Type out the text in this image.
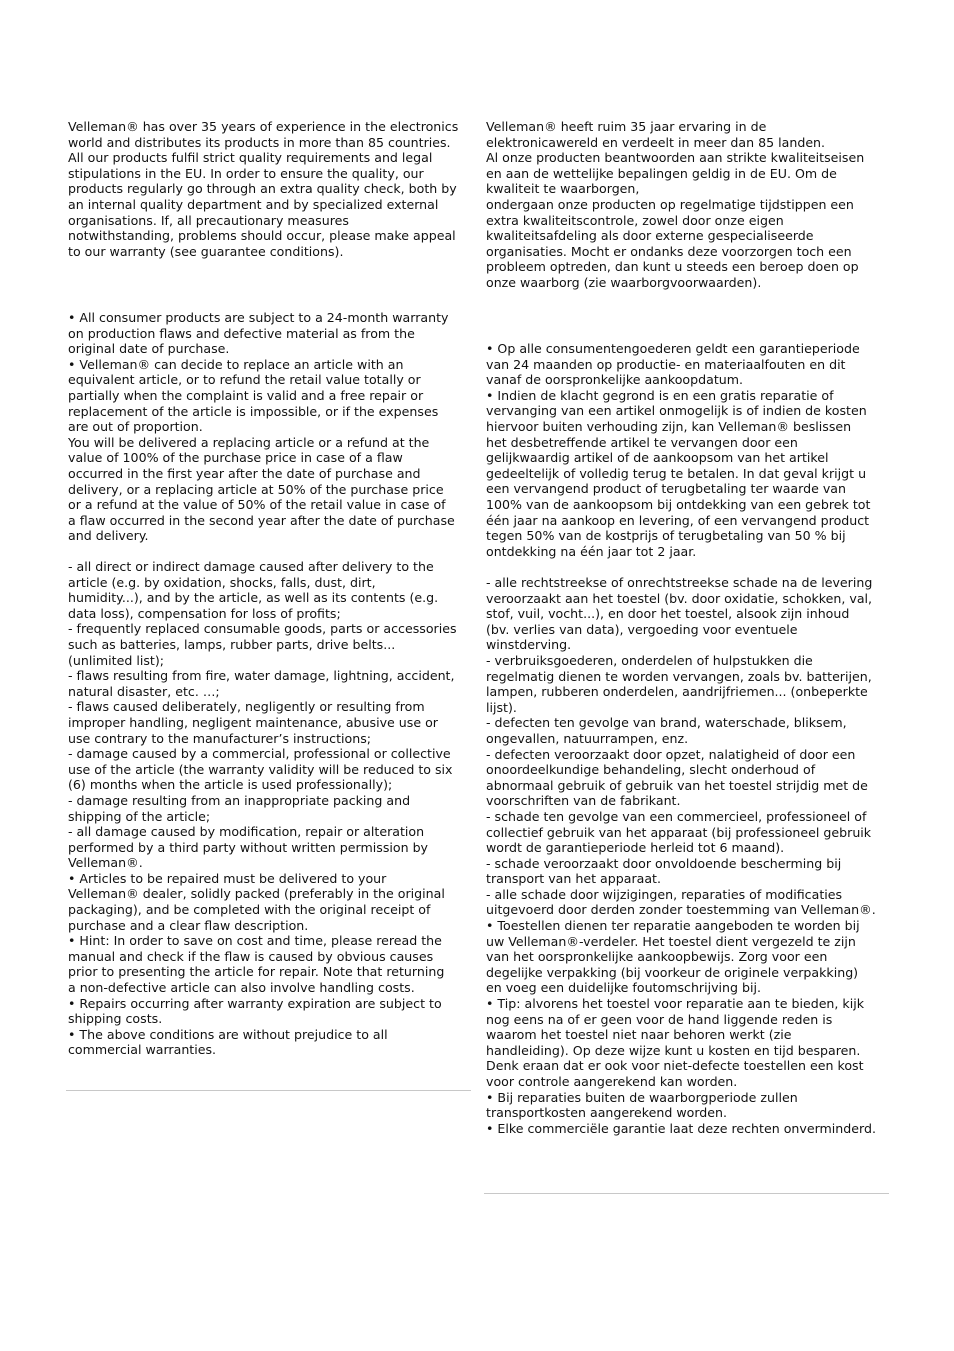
Velleman® has over 35 years of experience in the electronics

world and distributes its products in more than 85 countries.

All our products fulfil strict quality requirements and legal

stipulations in the EU. In order to ensure the quality, our

products regularly go through an extra quality check, both by

an internal quality department and by specialized external

organisations. If, all precautionary measures

notwithstanding, problems should occur, please make appeal

to our warranty (see guarantee conditions).

• All consumer products are subject to a 24-month warranty

on production flaws and defective material as from the

original date of purchase.

• Velleman® can decide to replace an article with an

equivalent article, or to refund the retail value totally or

partially when the complaint is valid and a free repair or

replacement of the article is impossible, or if the expenses

are out of proportion.

You will be delivered a replacing article or a refund at the

value of 100% of the purchase price in case of a flaw

occurred in the first year after the date of purchase and

delivery, or a replacing article at 50% of the purchase price

or a refund at the value of 50% of the retail value in case of

a flaw occurred in the second year after the date of purchase

and delivery.

- all direct or indirect damage caused after delivery to the

article (e.g. by oxidation, shocks, falls, dust, dirt,

humidity...), and by the article, as well as its contents (e.g.

data loss), compensation for loss of profits;

- frequently replaced consumable goods, parts or accessories

such as batteries, lamps, rubber parts, drive belts...

(unlimited list);

- flaws resulting from fire, water damage, lightning, accident,

natural disaster, etc. …;

- flaws caused deliberately, negligently or resulting from

improper handling, negligent maintenance, abusive use or

use contrary to the manufacturer’s instructions;

- damage caused by a commercial, professional or collective

use of the article (the warranty validity will be reduced to six

(6) months when the article is used professionally);

- damage resulting from an inappropriate packing and

shipping of the article;

- all damage caused by modification, repair or alteration

performed by a third party without written permission by

Velleman®.

• Articles to be repaired must be delivered to your

Velleman® dealer, solidly packed (preferably in the original

packaging), and be completed with the original receipt of

purchase and a clear flaw description.

• Hint: In order to save on cost and time, please reread the

manual and check if the flaw is caused by obvious causes

prior to presenting the article for repair. Note that returning

a non-defective article can also involve handling costs.

• Repairs occurring after warranty expiration are subject to

shipping costs.

• The above conditions are without prejudice to all

commercial warranties.

Velleman® heeft ruim 35 jaar ervaring in de

elektronicawereld en verdeelt in meer dan 85 landen.

Al onze producten beantwoorden aan strikte kwaliteitseisen

en aan de wettelijke bepalingen geldig in de EU. Om de

kwaliteit te waarborgen,

ondergaan onze producten op regelmatige tijdstippen een

extra kwaliteitscontrole, zowel door onze eigen

kwaliteitsafdeling als door externe gespecialiseerde

organisaties. Mocht er ondanks deze voorzorgen toch een

probleem optreden, dan kunt u steeds een beroep doen op

onze waarborg (zie waarborgvoorwaarden).

• Op alle consumentengoederen geldt een garantieperiode

van 24 maanden op productie- en materiaalfouten en dit

vanaf de oorspronkelijke aankoopdatum.

• Indien de klacht gegrond is en een gratis reparatie of

vervanging van een artikel onmogelijk is of indien de kosten

hiervoor buiten verhouding zijn, kan Velleman® beslissen

het desbetreffende artikel te vervangen door een

gelijkwaardig artikel of de aankoopsom van het artikel

gedeeltelijk of volledig terug te betalen. In dat geval krijgt u

een vervangend product of terugbetaling ter waarde van

100% van de aankoopsom bij ontdekking van een gebrek tot

één jaar na aankoop en levering, of een vervangend product

tegen 50% van de kostprijs of terugbetaling van 50 % bij

ontdekking na één jaar tot 2 jaar.

- alle rechtstreekse of onrechtstreekse schade na de levering

veroorzaakt aan het toestel (bv. door oxidatie, schokken, val,

stof, vuil, vocht...), en door het toestel, alsook zijn inhoud

(bv. verlies van data), vergoeding voor eventuele

winstderving.

- verbruiksgoederen, onderdelen of hulpstukken die

regelmatig dienen te worden vervangen, zoals bv. batterijen,

lampen, rubberen onderdelen, aandrijfriemen... (onbeperkte

lijst).

- defecten ten gevolge van brand, waterschade, bliksem,

ongevallen, natuurrampen, enz.

- defecten veroorzaakt door opzet, nalatigheid of door een

onoordeelkundige behandeling, slecht onderhoud of

abnormaal gebruik of gebruik van het toestel strijdig met de

voorschriften van de fabrikant.

- schade ten gevolge van een commercieel, professioneel of

collectief gebruik van het apparaat (bij professioneel gebruik

wordt de garantieperiode herleid tot 6 maand).

- schade veroorzaakt door onvoldoende bescherming bij

transport van het apparaat.

- alle schade door wijzigingen, reparaties of modificaties

uitgevoerd door derden zonder toestemming van Velleman®.

• Toestellen dienen ter reparatie aangeboden te worden bij

uw Velleman®-verdeler. Het toestel dient vergezeld te zijn

van het oorspronkelijke aankoopbewijs. Zorg voor een

degelijke verpakking (bij voorkeur de originele verpakking)

en voeg een duidelijke foutomschrijving bij.

• Tip: alvorens het toestel voor reparatie aan te bieden, kijk

nog eens na of er geen voor de hand liggende reden is

waarom het toestel niet naar behoren werkt (zie

handleiding). Op deze wijze kunt u kosten en tijd besparen.

Denk eraan dat er ook voor niet-defecte toestellen een kost

voor controle aangerekend kan worden.

• Bij reparaties buiten de waarborgperiode zullen

transportkosten aangerekend worden.

• Elke commerciële garantie laat deze rechten onverminderd.
